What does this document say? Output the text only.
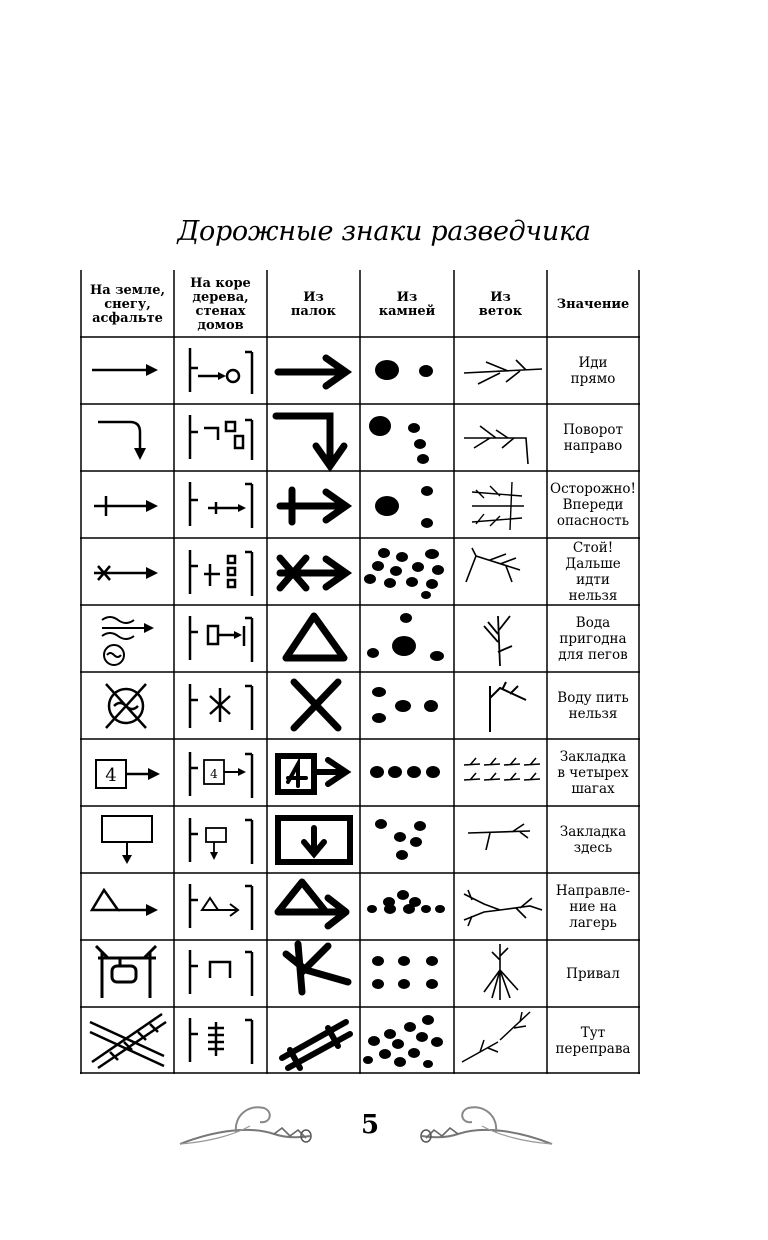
Дорожные знаки разведчика
На земле,
снегу,
асфальте
На коре
дерева,
стенах
домов
Из
палок
Из
камней
Из
веток	Значение
Иди
прямо
Поворот
направо
Осторожно!
Впереди
опасность
Стой!
Дальше
идти
нельзя
Вода
пригодна
для пегов
Воду пить
нельзя
Закладка
в четырех
шагах
Закладка
здесь
Направле-
ние на
лагерь
Привал
Тут
переправа
4	4
5
